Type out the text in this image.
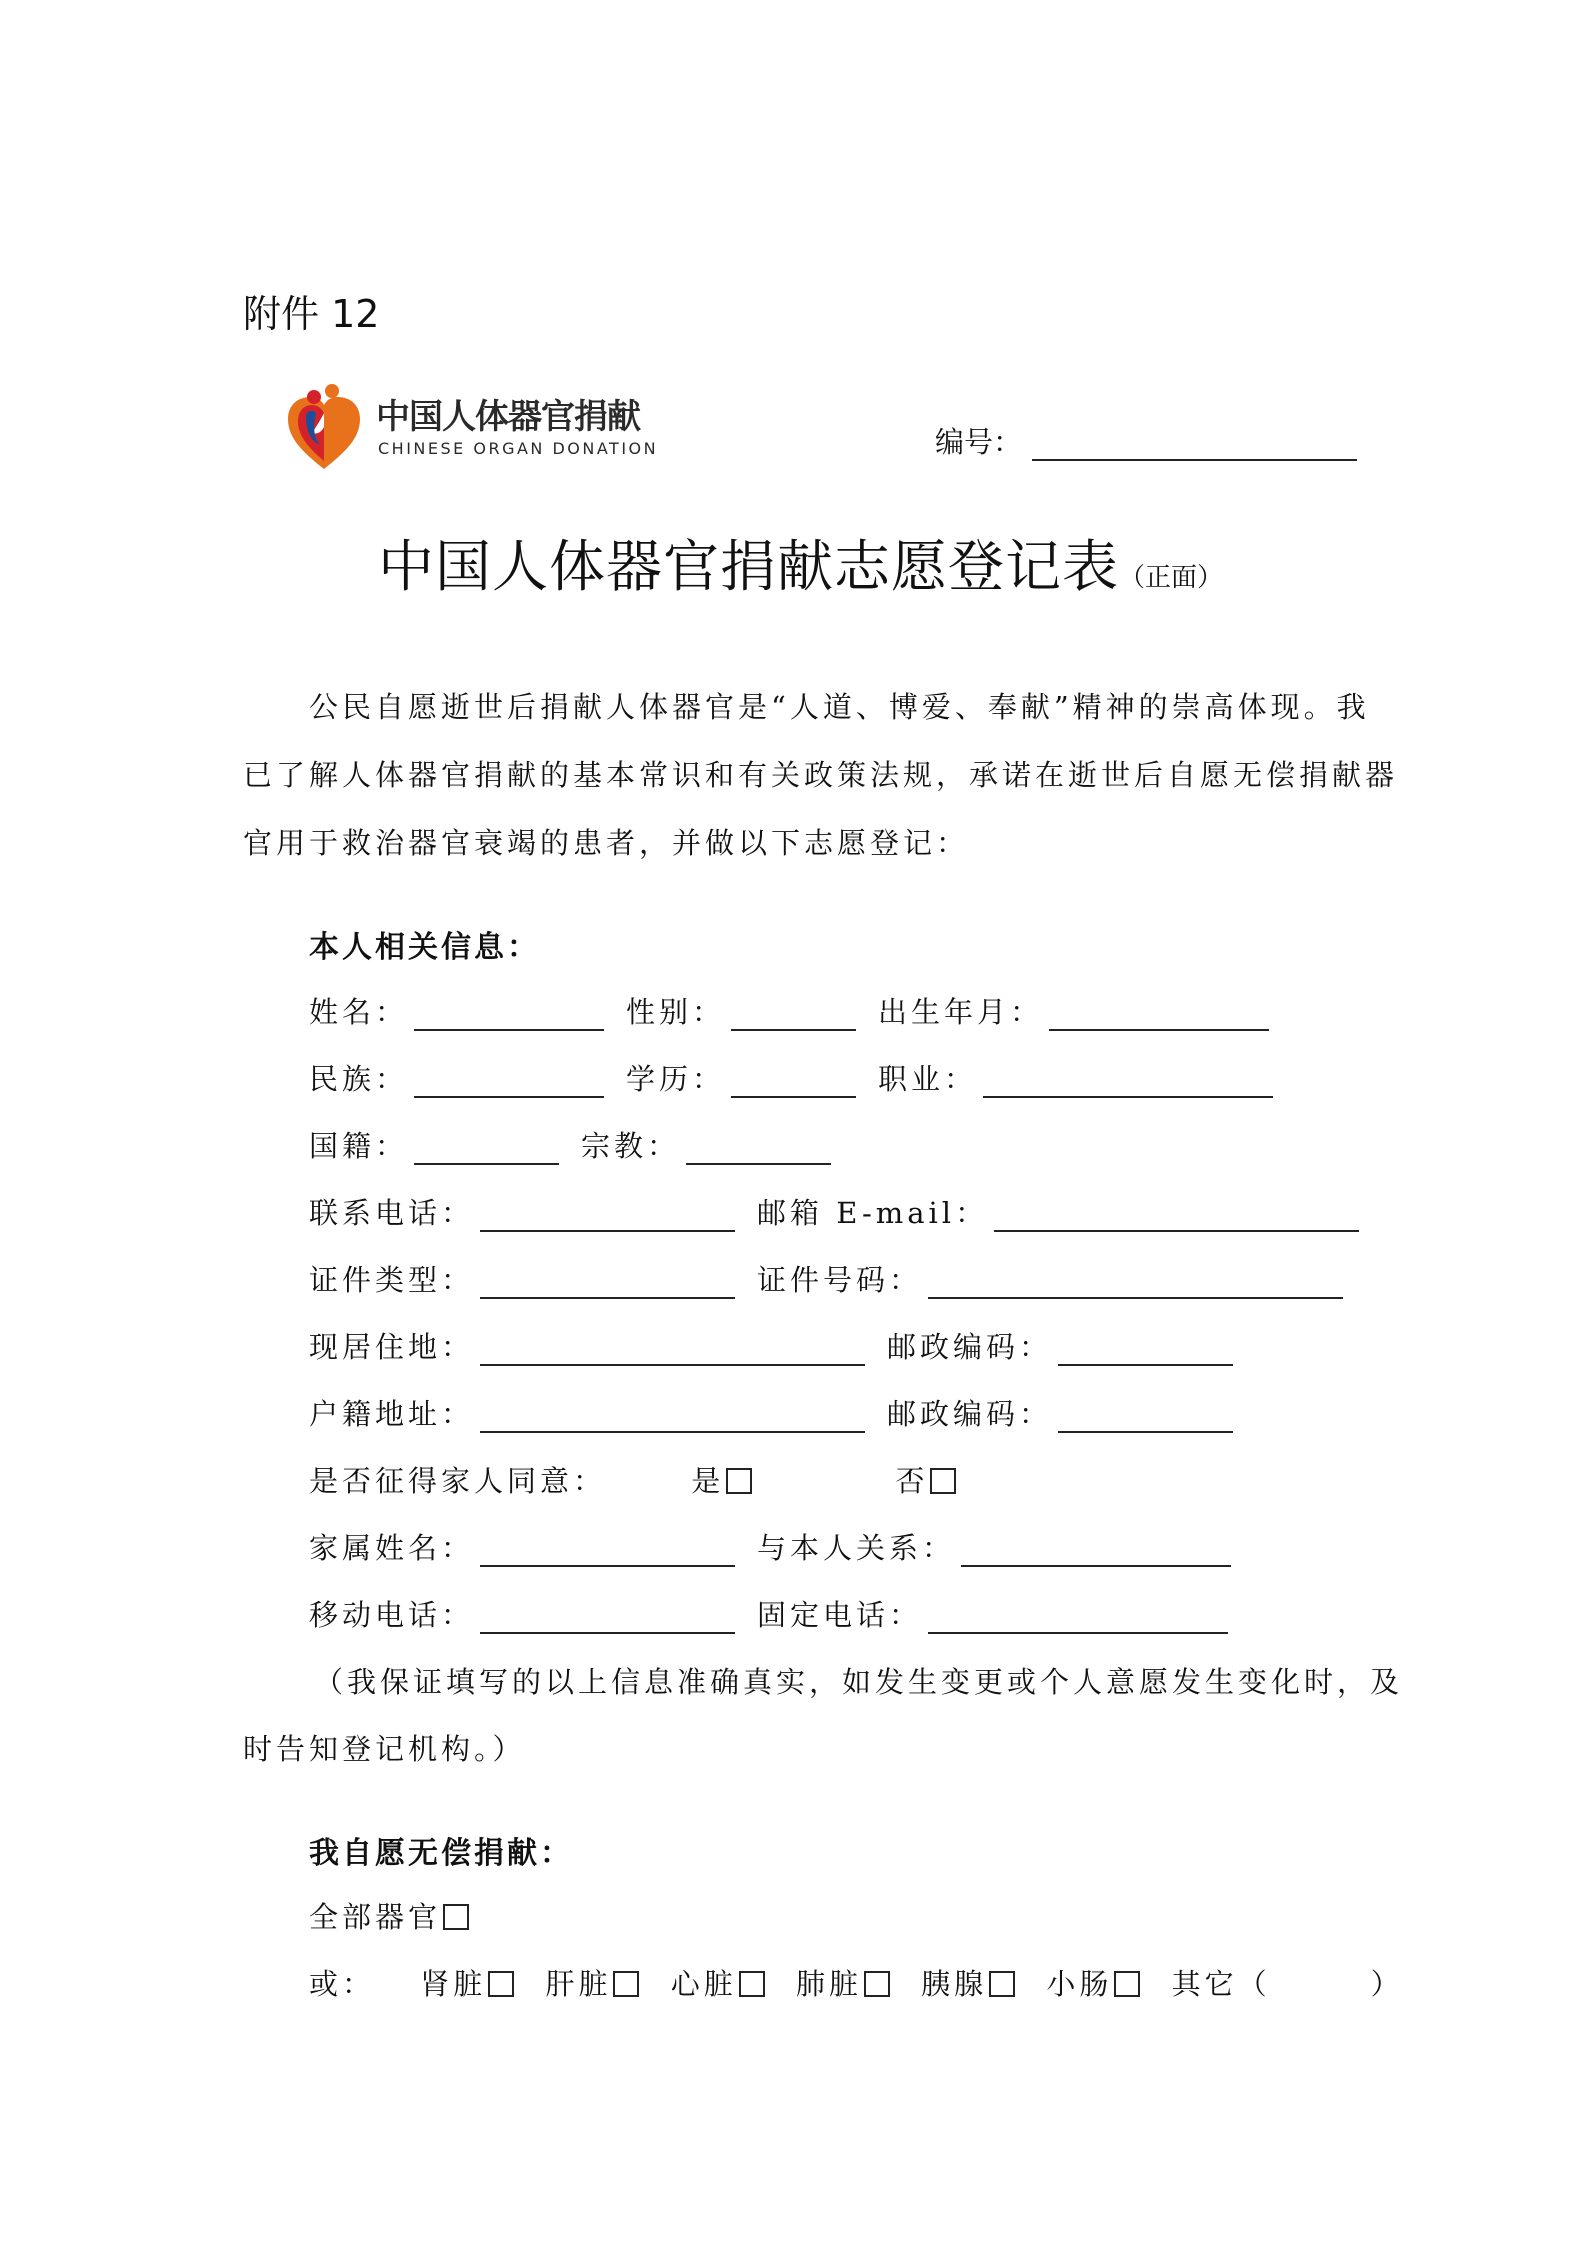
附件 12
中国人体器官捐献
CHINESE ORGAN DONATION	编号：
中国人体器官捐献志愿登记表（正面）
公民自愿逝世后捐献人体器官是“人道、博爱、奉献”精神的崇高体现。我
已了解人体器官捐献的基本常识和有关政策法规，承诺在逝世后自愿无偿捐献器
官用于救治器官衰竭的患者，并做以下志愿登记：
本人相关信息：
姓名：	性别：	出生年月：
民族：	学历：	职业：
国籍：	宗教：
联系电话：	邮箱 E-mail：
证件类型：	证件号码：
现居住地：	邮政编码：
户籍地址：	邮政编码：
是否征得家人同意：	是	否
家属姓名：	与本人关系：
移动电话：	固定电话：
（我保证填写的以上信息准确真实，如发生变更或个人意愿发生变化时，及
时告知登记机构。）
我自愿无偿捐献：
全部器官
或： 肾脏 肝脏 心脏 肺脏 胰腺 小肠 其它（	）
